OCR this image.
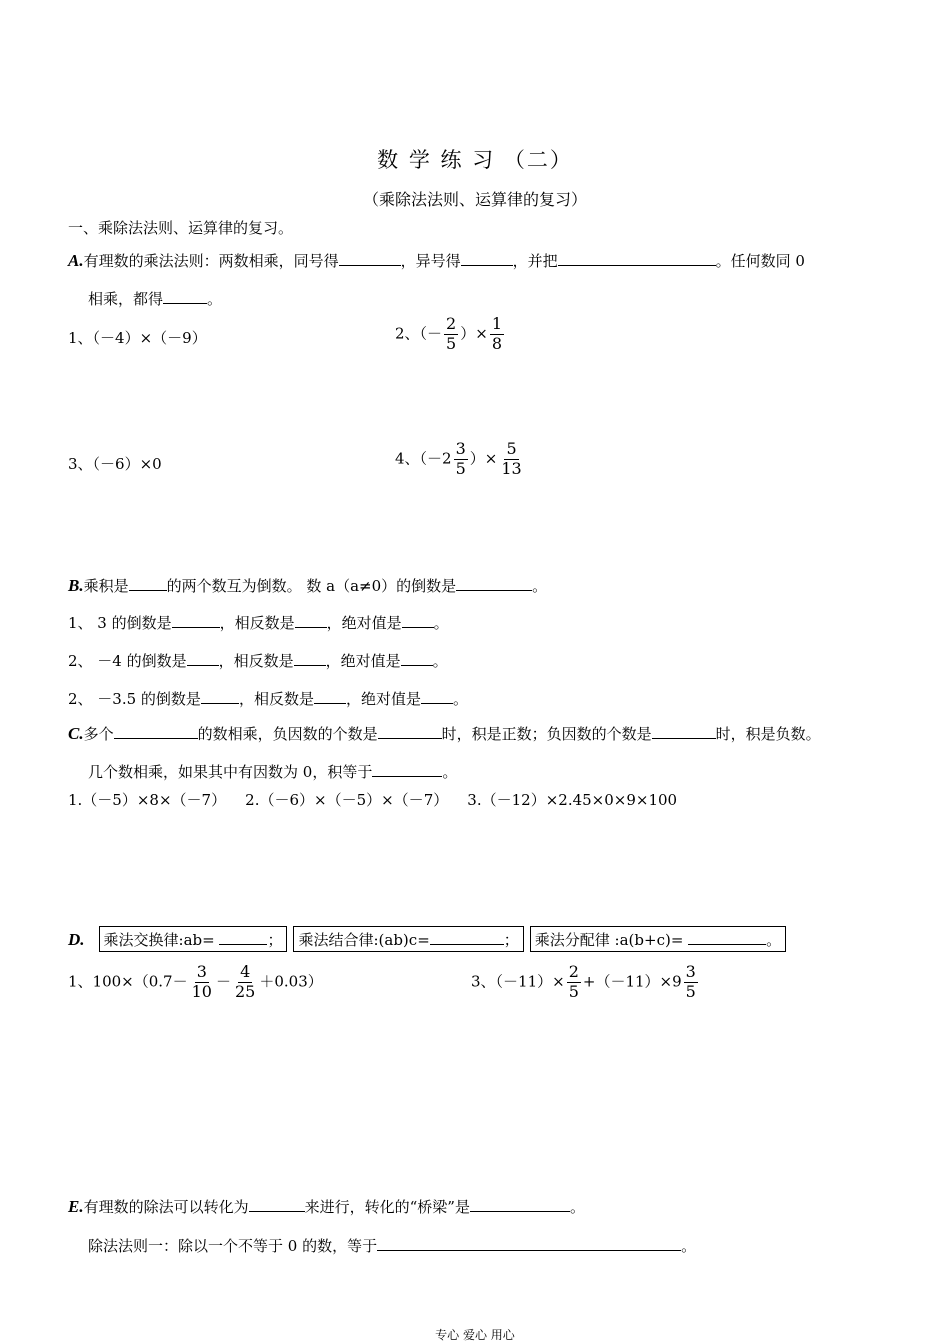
数 学 练 习 （二）
（乘除法法则、运算律的复习）
一、乘除法法则、运算律的复习。
A.有理数的乘法法则：两数相乘，同号得	，异号得	，并把	。任何数同 0
相乘，都得	。
1、（－4）×（－9）	2、（－ $\frac{2}{5}$ ）× $\frac{1}{8}$
3、（－6）×0	4、（$-2 \frac{3}{5}$ ）× $\frac{5}{13}$
B.乘积是	的两个数互为倒数。 数 a（a≠0）的倒数是	。
1、 3 的倒数是	，相反数是 ，绝对值是 。
2、 －4 的倒数是 ，相反数是 ，绝对值是 。
2、 －3.5 的倒数是	，相反数是 ，绝对值是 。
C.多个	的数相乘，负因数的个数是	时，积是正数；负因数的个数是	时，积是负数。
几个数相乘，如果其中有因数为 0，积等于	。
1.（－5）×8×（－7）    2.（－6）×（－5）×（－7）    3.（－12）×2.45×0×9×100
D. 乘法交换律:ab=	； 乘法结合律:(ab)c=	； 乘法分配律 :a(b+c)=	。
1、$100\times(0.7- \frac{3}{10} - \frac{4}{25} +0.03)$	3、$(-11)\times \frac{2}{5} +(-11)\times 9 \frac{3}{5}$
E.有理数的除法可以转化为	来进行，转化的“桥梁”是	。
除法法则一：除以一个不等于 0 的数，等于	。
专心 爱心 用心
